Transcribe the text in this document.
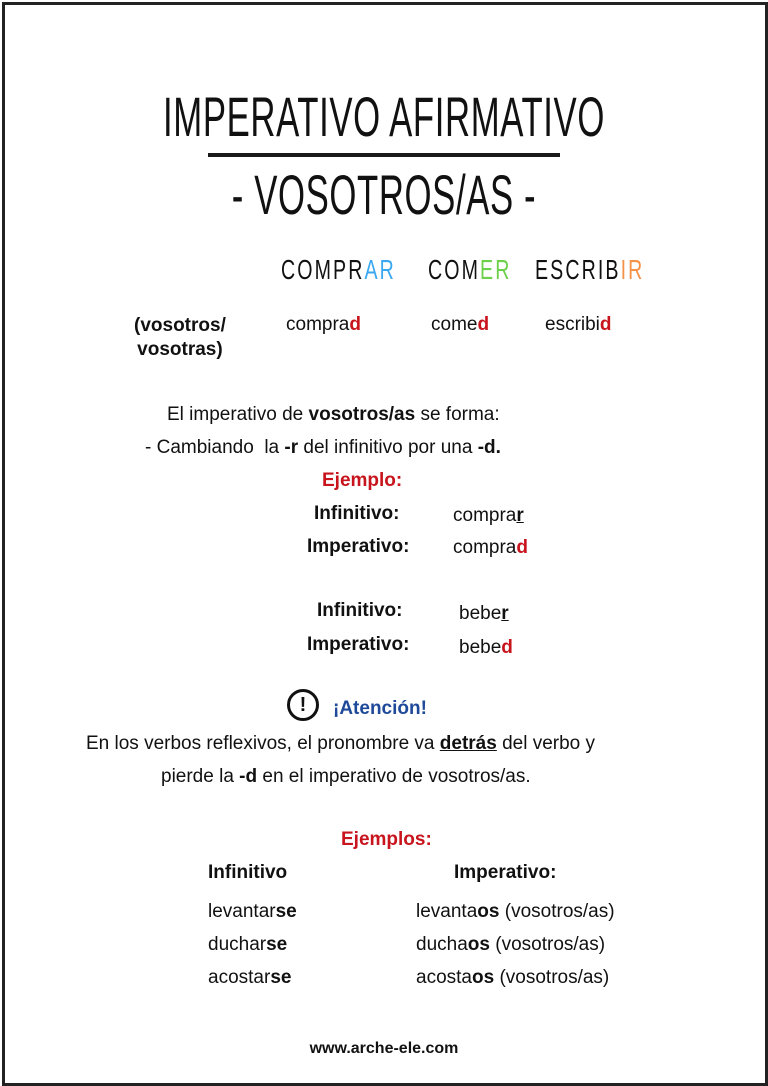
IMPERATIVO AFIRMATIVO
- VOSOTROS/AS -
COMPRAR COMER ESCRIBIR
(vosotros/
vosotras)
comprad	comed	escribid
El imperativo de vosotros/as se forma:
- Cambiando  la -r del infinitivo por una -d.
Ejemplo:
Infinitivo:	comprar
Imperativo: comprad
Infinitivo:	beber
Imperativo:	bebed
!	¡Atención!
En los verbos reflexivos, el pronombre va detrás del verbo y
pierde la -d en el imperativo de vosotros/as.
Ejemplos:
Infinitivo	Imperativo:
levantarse	levantaos (vosotros/as)
ducharse	duchaos (vosotros/as)
acostarse	acostaos (vosotros/as)
www.arche-ele.com
